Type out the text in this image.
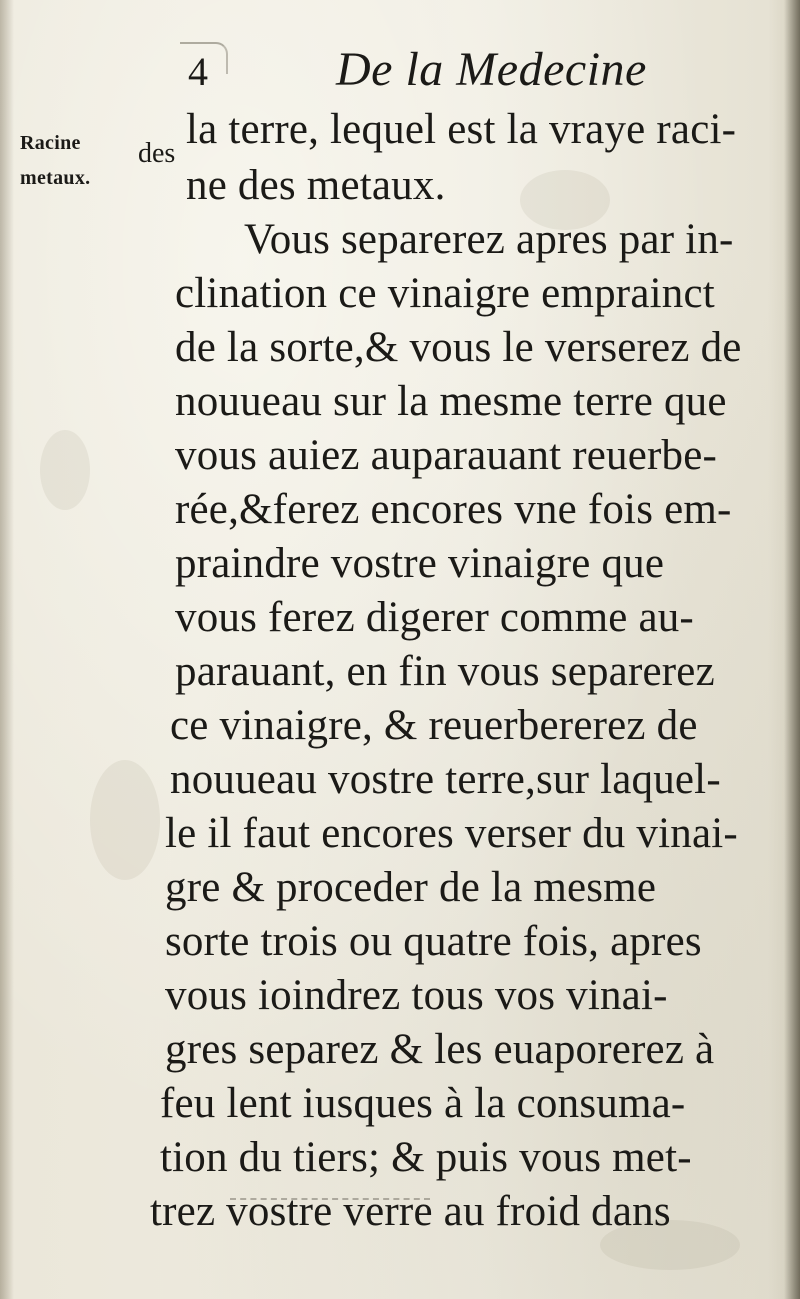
4	De la Medecine
Racine des
metaux.
la terre, lequel est la vraye raci-
ne des metaux.
Vous separerez apres par in-
clination ce vinaigre emprainct
de la sorte,& vous le verserez de
nouueau sur la mesme terre que
vous auiez auparauant reuerbe-
rée,&ferez encores vne fois em-
praindre vostre vinaigre que
vous ferez digerer comme au-
parauant, en fin vous separerez
ce vinaigre, & reuerbererez de
nouueau vostre terre,sur laquel-
le il faut encores verser du vinai-
gre & proceder de la mesme
sorte trois ou quatre fois, apres
vous ioindrez tous vos vinai-
gres separez & les euaporerez à
feu lent iusques à la consuma-
tion du tiers; & puis vous met-
trez vostre verre au froid dans
